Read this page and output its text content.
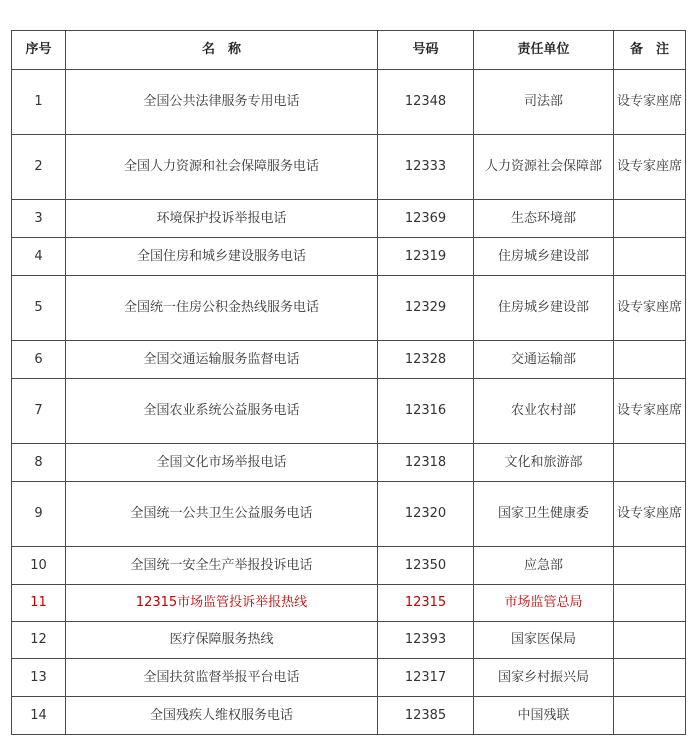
序号	名　称	号码	责任单位	备　注
1	全国公共法律服务专用电话	12348	司法部	设专家座席
2	全国人力资源和社会保障服务电话	12333	人力资源社会保障部	设专家座席
3	环境保护投诉举报电话	12369	生态环境部	
4	全国住房和城乡建设服务电话	12319	住房城乡建设部	
5	全国统一住房公积金热线服务电话	12329	住房城乡建设部	设专家座席
6	全国交通运输服务监督电话	12328	交通运输部	
7	全国农业系统公益服务电话	12316	农业农村部	设专家座席
8	全国文化市场举报电话	12318	文化和旅游部	
9	全国统一公共卫生公益服务电话	12320	国家卫生健康委	设专家座席
10	全国统一安全生产举报投诉电话	12350	应急部	
11	12315市场监管投诉举报热线	12315	市场监管总局	
12	医疗保障服务热线	12393	国家医保局	
13	全国扶贫监督举报平台电话	12317	国家乡村振兴局	
14	全国残疾人维权服务电话	12385	中国残联	
